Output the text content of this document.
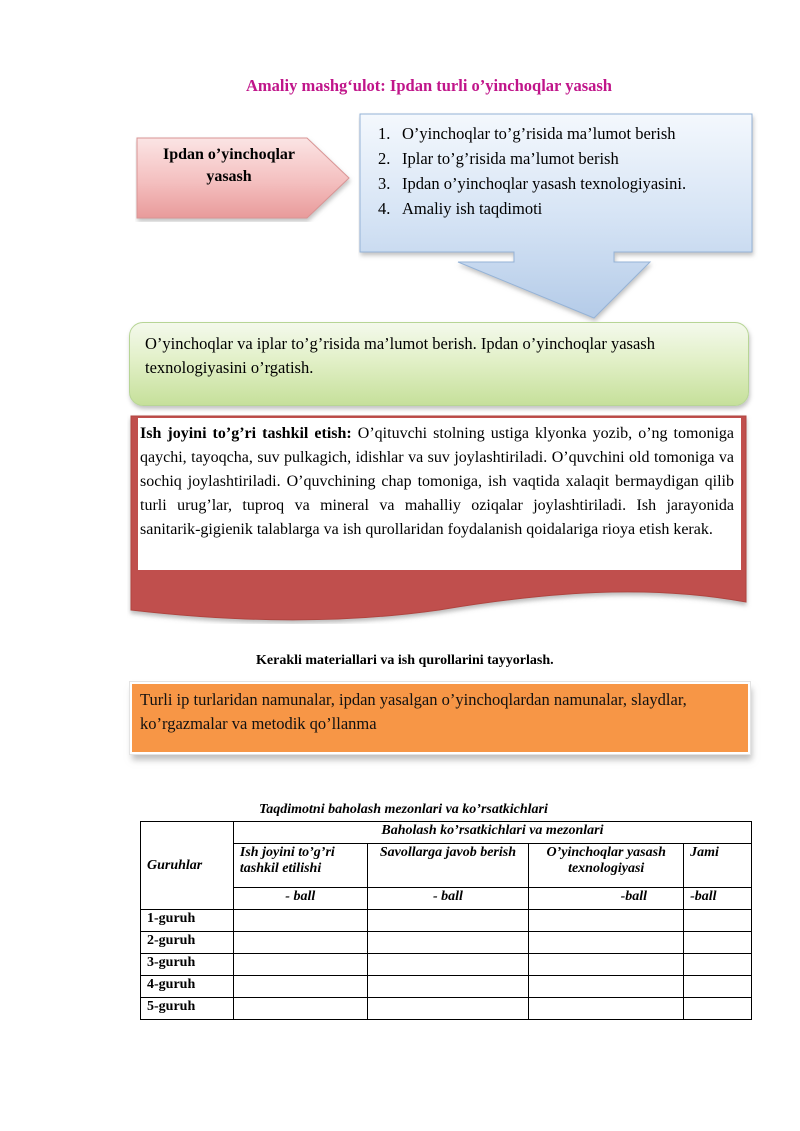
Amaliy mashg‘ulot: Ipdan turli o’yinchoqlar yasash
Ipdan o’yinchoqlar yasash
1. O’yinchoqlar to’g’risida ma’lumot berish
2. Iplar to’g’risida ma’lumot berish
3. Ipdan o’yinchoqlar yasash texnologiyasini.
4. Amaliy ish taqdimoti
O’yinchoqlar va iplar to’g’risida ma’lumot berish. Ipdan o’yinchoqlar yasash texnologiyasini o’rgatish.
Ish joyini to’g’ri tashkil etish: O’qituvchi stolning ustiga klyonka yozib, o’ng tomoniga qaychi, tayoqcha, suv pulkagich, idishlar va suv joylashtiriladi. O’quvchini old tomoniga va sochiq joylashtiriladi. O’quvchining chap tomoniga, ish vaqtida xalaqit bermaydigan qilib turli urug’lar, tuproq va mineral va mahalliy oziqalar joylashtiriladi. Ish jarayonida sanitarik-gigienik talablarga va ish qurollaridan foydalanish qoidalariga rioya etish kerak.
Kerakli materiallari va ish qurollarini tayyorlash.
Turli ip turlaridan namunalar, ipdan yasalgan o’yinchoqlardan namunalar, slaydlar, ko’rgazmalar va metodik qo’llanma
Taqdimotni baholash mezonlari va ko’rsatkichlari
Guruhlar	Baholash ko’rsatkichlari va mezonlari			
	Ish joyini to’g’ri tashkil etilishi	Savollarga javob berish	O’yinchoqlar yasash texnologiyasi	Jami
	- ball	- ball	-ball	-ball
1-guruh				
2-guruh				
3-guruh				
4-guruh				
5-guruh				
